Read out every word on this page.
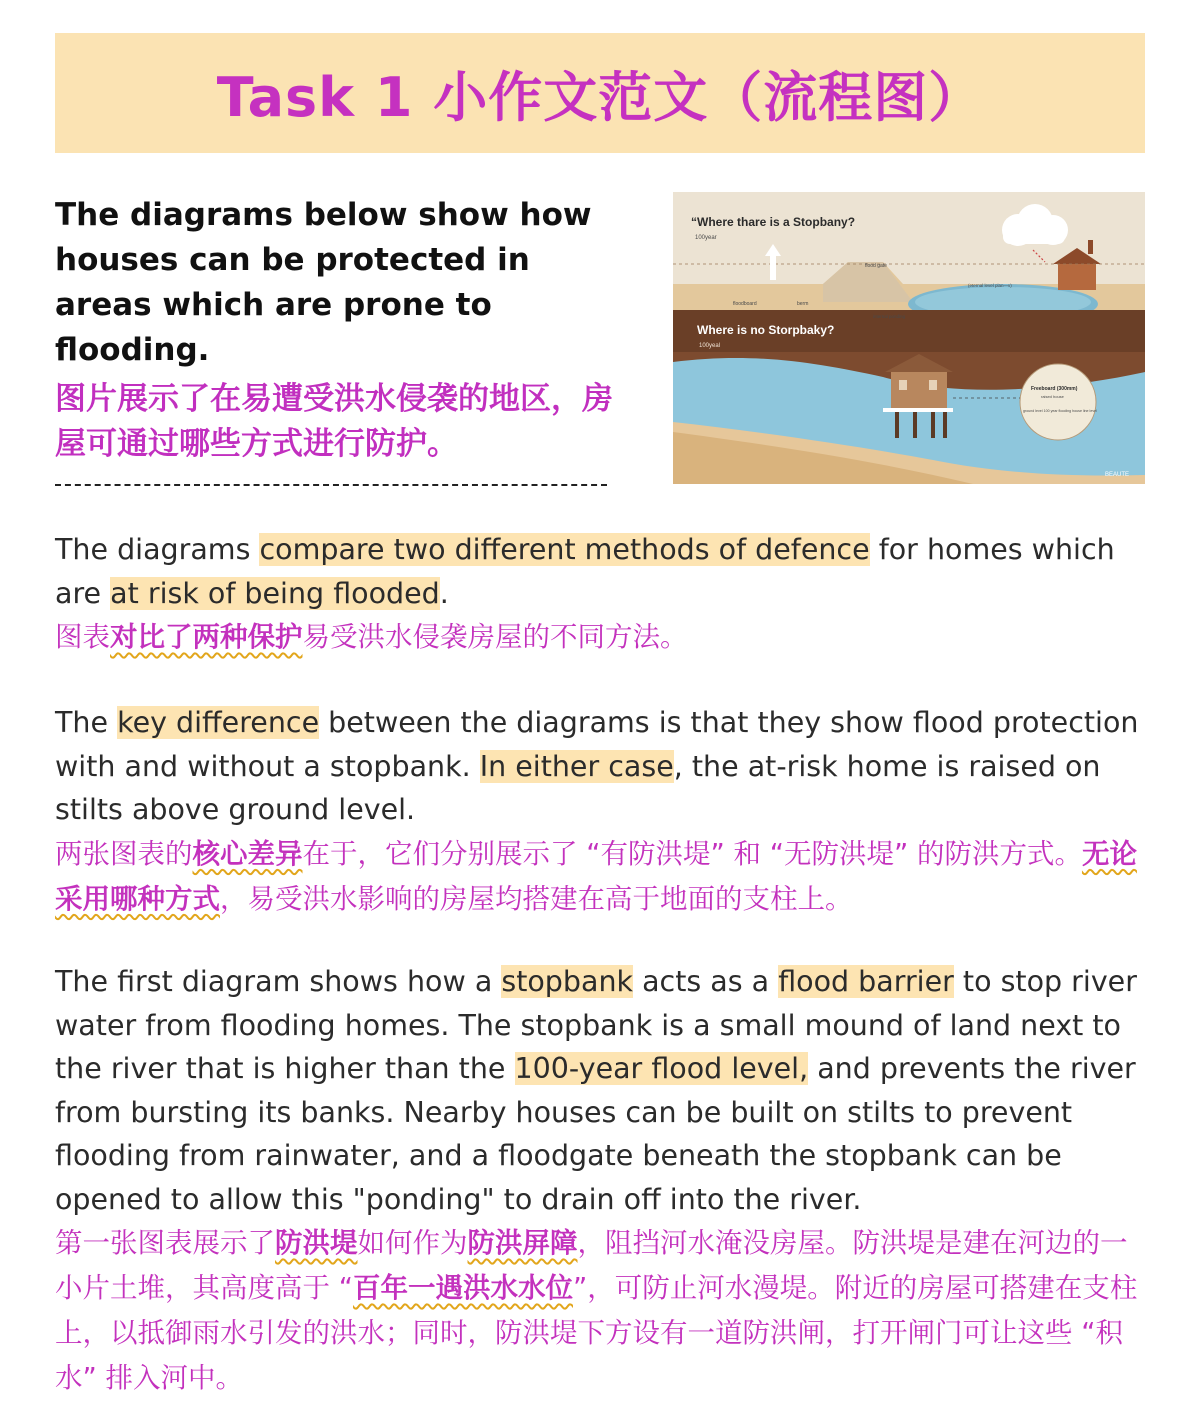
Task 1 小作文范文（流程图）
The diagrams below show how houses can be protected in areas which are prone to flooding.
图片展示了在易遭受洪水侵袭的地区，房屋可通过哪些方式进行防护。
“Where thare is a Stopbany?
100year
flood gate
floodboard	berm
internal ponding
(eternal level plan—v)
Where is no Storpbaky?
100yeal
Freeboard (300mm)
raised house
ground level 100 year flooding house line level
BEAUTE
The diagrams compare two different methods of defence for homes which are at risk of being flooded.
图表对比了两种保护易受洪水侵袭房屋的不同方法。
The key difference between the diagrams is that they show flood protection with and without a stopbank. In either case, the at-risk home is raised on stilts above ground level.
两张图表的核心差异在于，它们分别展示了 “有防洪堤” 和 “无防洪堤” 的防洪方式。无论采用哪种方式，易受洪水影响的房屋均搭建在高于地面的支柱上。
The first diagram shows how a stopbank acts as a flood barrier to stop river water from flooding homes. The stopbank is a small mound of land next to the river that is higher than the 100-year flood level, and prevents the river from bursting its banks. Nearby houses can be built on stilts to prevent flooding from rainwater, and a floodgate beneath the stopbank can be opened to allow this "ponding" to drain off into the river.
第一张图表展示了防洪堤如何作为防洪屏障，阻挡河水淹没房屋。防洪堤是建在河边的一小片土堆，其高度高于 “百年一遇洪水水位”，可防止河水漫堤。附近的房屋可搭建在支柱上，以抵御雨水引发的洪水；同时，防洪堤下方设有一道防洪闸，打开闸门可让这些 “积水” 排入河中。
